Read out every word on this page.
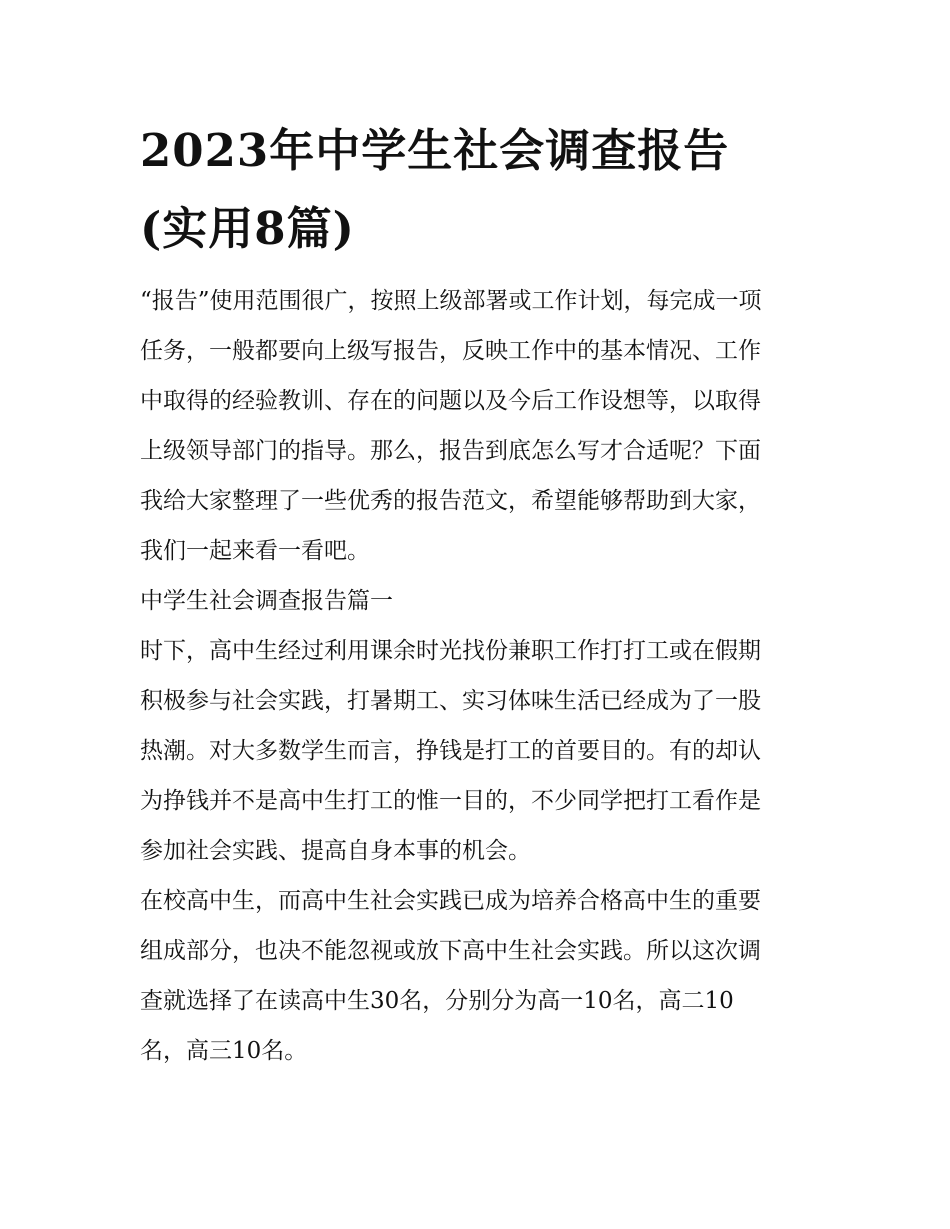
2023年中学生社会调查报告
(实用8篇)

“报告”使用范围很广，按照上级部署或工作计划，每完成一项
任务，一般都要向上级写报告，反映工作中的基本情况、工作
中取得的经验教训、存在的问题以及今后工作设想等，以取得
上级领导部门的指导。那么，报告到底怎么写才合适呢？下面
我给大家整理了一些优秀的报告范文，希望能够帮助到大家，
我们一起来看一看吧。

中学生社会调查报告篇一

时下，高中生经过利用课余时光找份兼职工作打打工或在假期
积极参与社会实践，打暑期工、实习体味生活已经成为了一股
热潮。对大多数学生而言，挣钱是打工的首要目的。有的却认
为挣钱并不是高中生打工的惟一目的，不少同学把打工看作是
参加社会实践、提高自身本事的机会。

在校高中生，而高中生社会实践已成为培养合格高中生的重要
组成部分，也决不能忽视或放下高中生社会实践。所以这次调
查就选择了在读高中生30名，分别分为高一10名，高二10
名，高三10名。
